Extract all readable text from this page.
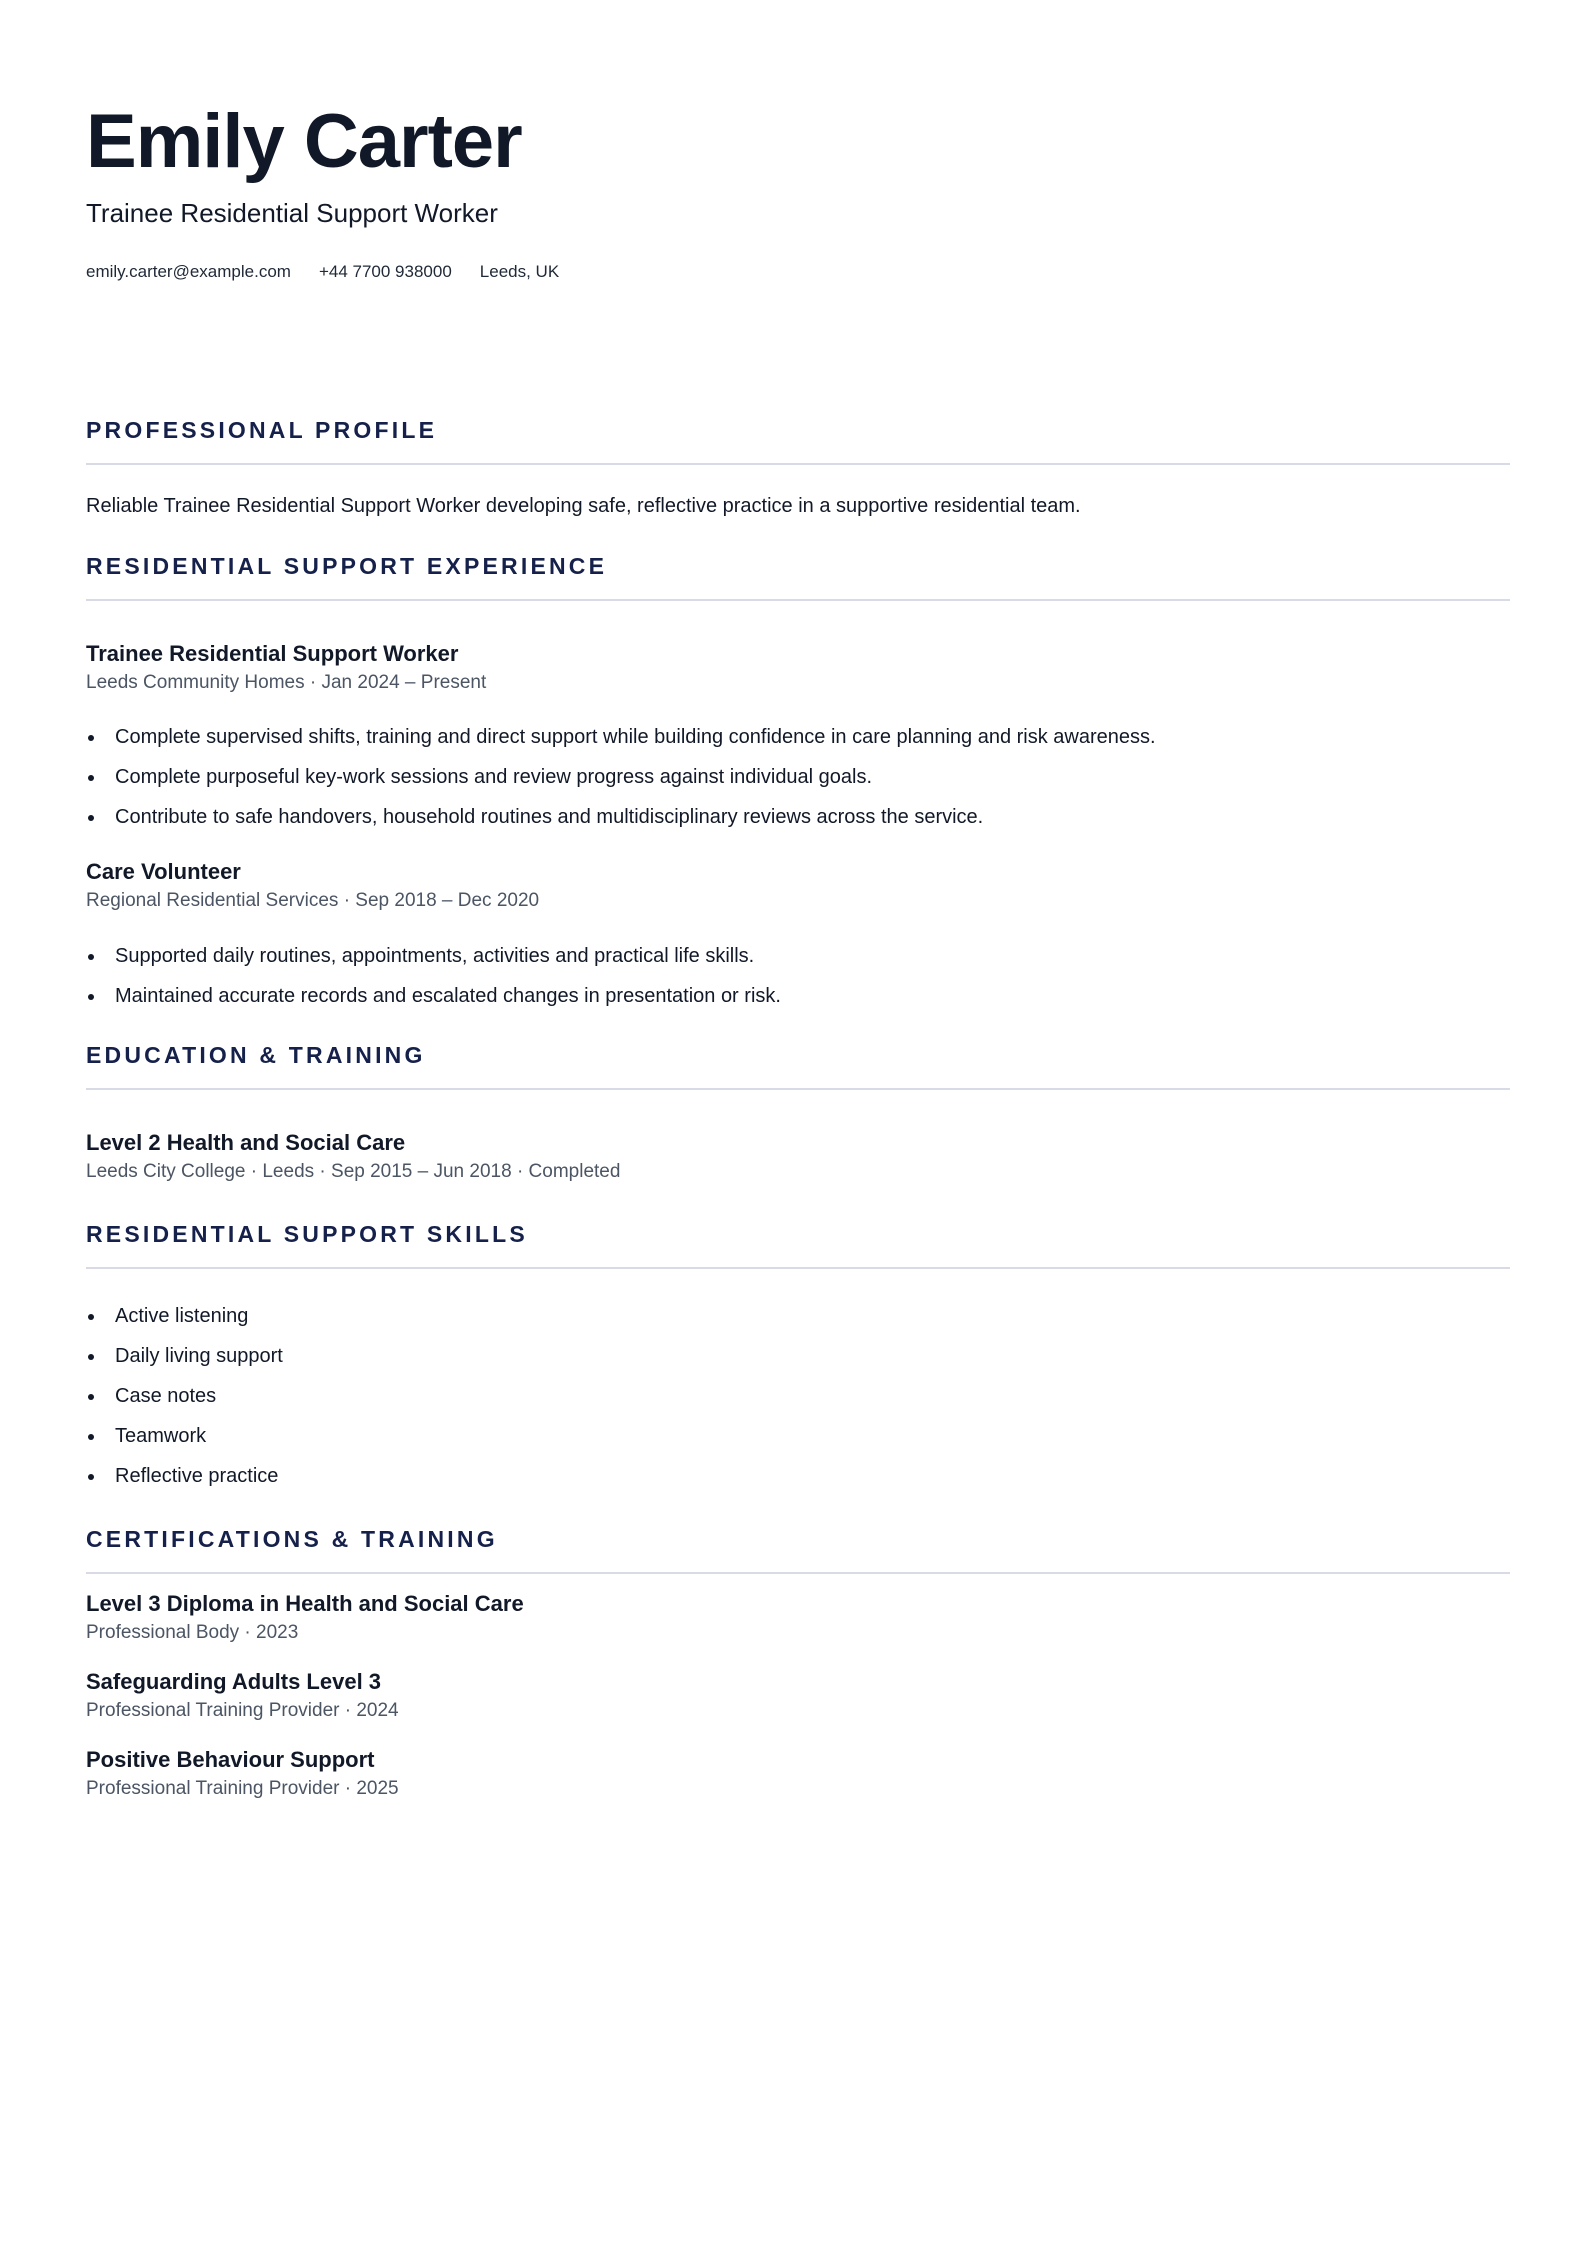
Emily Carter
Trainee Residential Support Worker
emily.carter@example.com +44 7700 938000 Leeds, UK
PROFESSIONAL PROFILE
Reliable Trainee Residential Support Worker developing safe, reflective practice in a supportive residential team.
RESIDENTIAL SUPPORT EXPERIENCE
Trainee Residential Support Worker
Leeds Community Homes · Jan 2024 – Present
Complete supervised shifts, training and direct support while building confidence in care planning and risk awareness.
Complete purposeful key-work sessions and review progress against individual goals.
Contribute to safe handovers, household routines and multidisciplinary reviews across the service.
Care Volunteer
Regional Residential Services · Sep 2018 – Dec 2020
Supported daily routines, appointments, activities and practical life skills.
Maintained accurate records and escalated changes in presentation or risk.
EDUCATION & TRAINING
Level 2 Health and Social Care
Leeds City College · Leeds · Sep 2015 – Jun 2018 · Completed
RESIDENTIAL SUPPORT SKILLS
Active listening
Daily living support
Case notes
Teamwork
Reflective practice
CERTIFICATIONS & TRAINING
Level 3 Diploma in Health and Social Care
Professional Body · 2023
Safeguarding Adults Level 3
Professional Training Provider · 2024
Positive Behaviour Support
Professional Training Provider · 2025
